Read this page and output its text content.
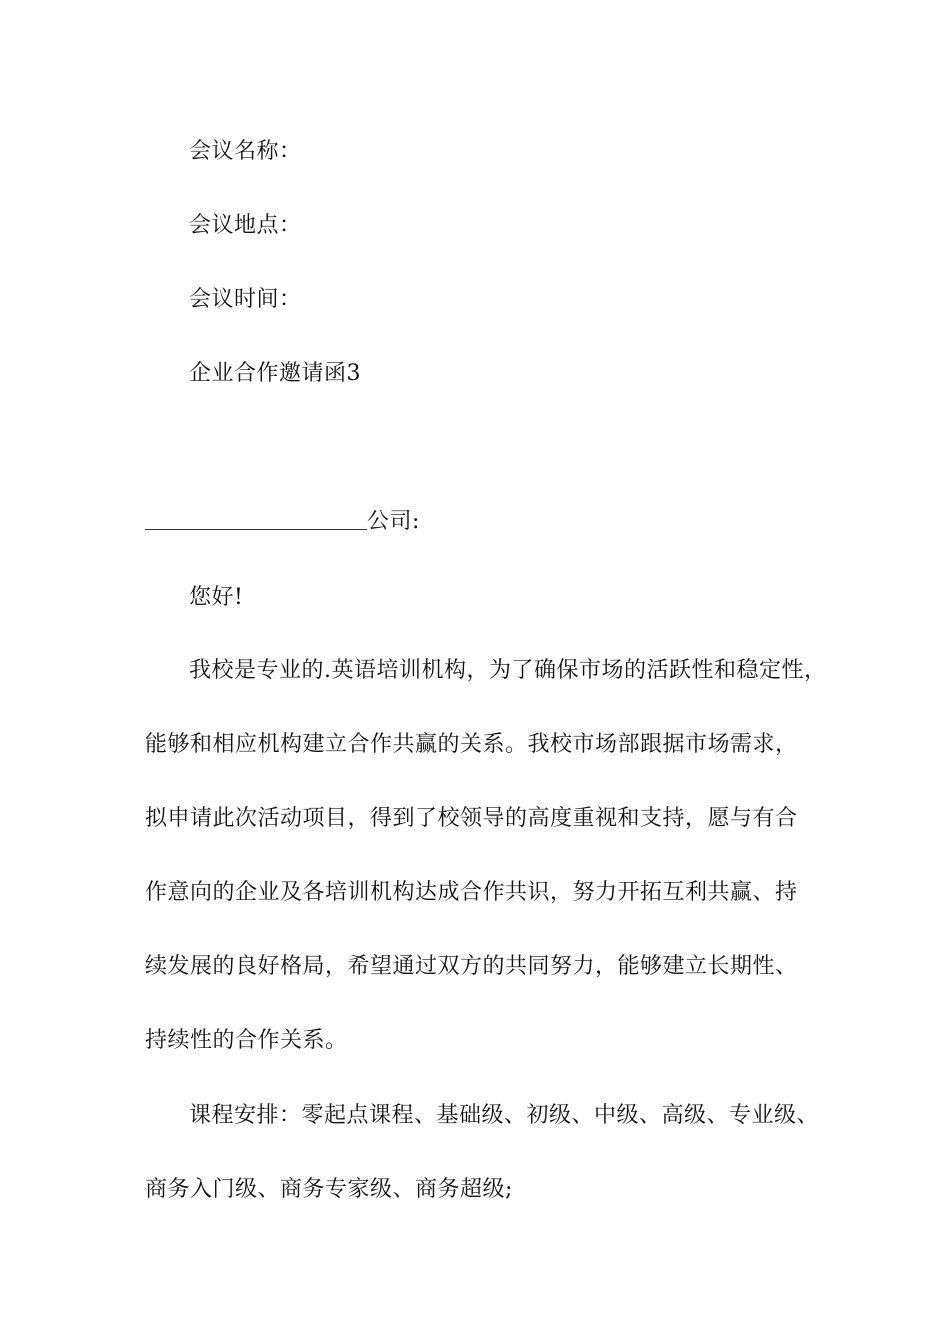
会议名称：
会议地点：
会议时间：
企业合作邀请函3
公司:
您好!
我校是专业的.英语培训机构，为了确保市场的活跃性和稳定性，
能够和相应机构建立合作共赢的关系。我校市场部跟据市场需求，
拟申请此次活动项目，得到了校领导的高度重视和支持，愿与有合
作意向的企业及各培训机构达成合作共识，努力开拓互利共赢、持
续发展的良好格局，希望通过双方的共同努力，能够建立长期性、
持续性的合作关系。
课程安排：零起点课程、基础级、初级、中级、高级、专业级、
商务入门级、商务专家级、商务超级;
